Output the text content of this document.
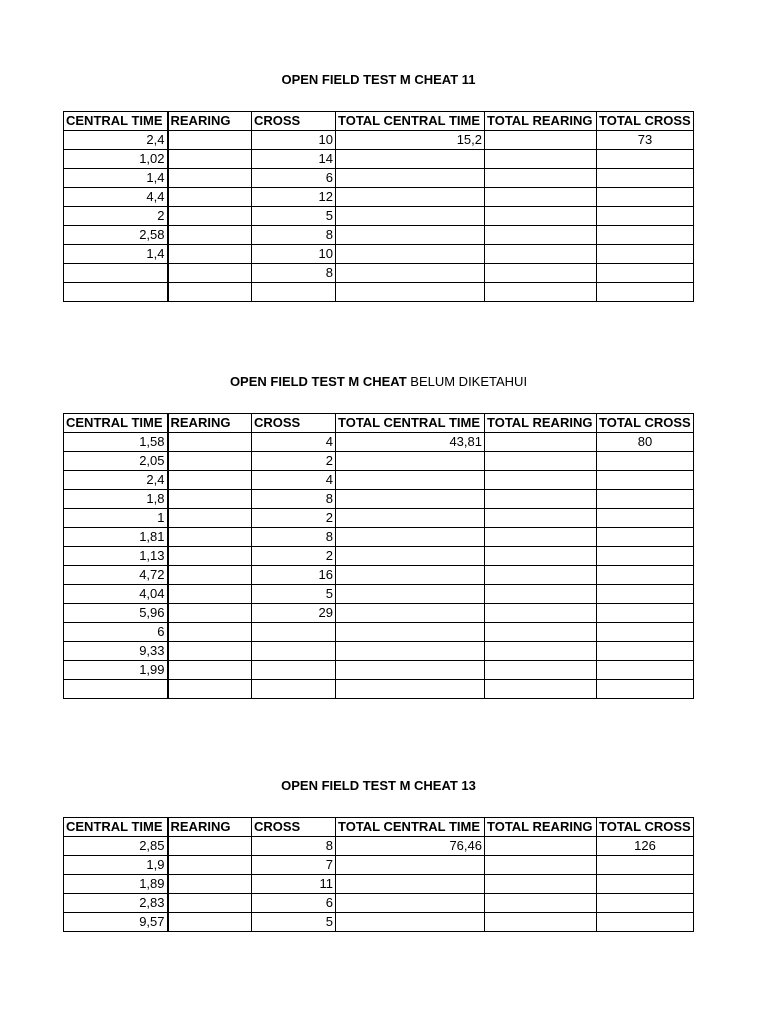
OPEN FIELD TEST M CHEAT 11
CENTRAL TIME	REARING	CROSS	TOTAL CENTRAL TIME	TOTAL REARING	TOTAL CROSS
2,4		10	15,2		73
1,02		14			
1,4		6			
4,4		12			
2		5			
2,58		8			
1,4		10			
		8			

OPEN FIELD TEST M CHEAT BELUM DIKETAHUI
CENTRAL TIME	REARING	CROSS	TOTAL CENTRAL TIME	TOTAL REARING	TOTAL CROSS
1,58		4	43,81		80
2,05		2			
2,4		4			
1,8		8			
1		2			
1,81		8			
1,13		2			
4,72		16			
4,04		5			
5,96		29			
6					
9,33					
1,99					

OPEN FIELD TEST M CHEAT 13
CENTRAL TIME	REARING	CROSS	TOTAL CENTRAL TIME	TOTAL REARING	TOTAL CROSS
2,85		8	76,46		126
1,9		7			
1,89		11			
2,83		6			
9,57		5			
